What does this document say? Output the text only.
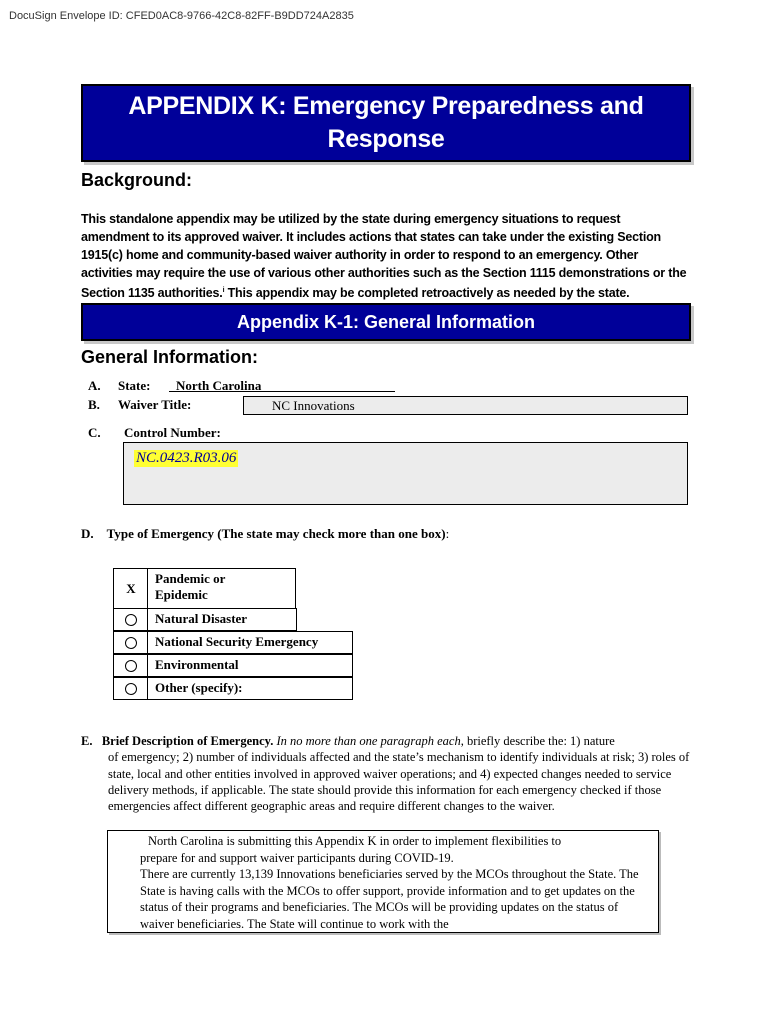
DocuSign Envelope ID: CFED0AC8-9766-42C8-82FF-B9DD724A2835
APPENDIX K: Emergency Preparedness and
Response
Background:
This standalone appendix may be utilized by the state during emergency situations to request amendment to its approved waiver. It includes actions that states can take under the existing Section 1915(c) home and community-based waiver authority in order to respond to an emergency. Other activities may require the use of various other authorities such as the Section 1115 demonstrations or the Section 1135 authorities.$^i$ This appendix may be completed retroactively as needed by the state.
Appendix K-1: General Information
General Information:
A. State: North Carolina
B. Waiver Title:	NC Innovations
C. Control Number:
NC.0423.R03.06
D. Type of Emergency (The state may check more than one box):
X
Pandemic or
Epidemic
Natural Disaster
National Security Emergency
Environmental
Other (specify):
E. Brief Description of Emergency. In no more than one paragraph each, briefly describe the: 1) nature
of emergency; 2) number of individuals affected and the state’s mechanism to identify individuals at risk; 3) roles of state, local and other entities involved in approved waiver operations; and 4) expected changes needed to service delivery methods, if applicable. The state should provide this information for each emergency checked if those emergencies affect different geographic areas and require different changes to the waiver.
North Carolina is submitting this Appendix K in order to implement flexibilities to
prepare for and support waiver participants during COVID-19.
There are currently 13,139 Innovations beneficiaries served by the MCOs throughout the State. The State is having calls with the MCOs to offer support, provide information and to get updates on the status of their programs and beneficiaries. The MCOs will be providing updates on the status of waiver beneficiaries. The State will continue to work with the
